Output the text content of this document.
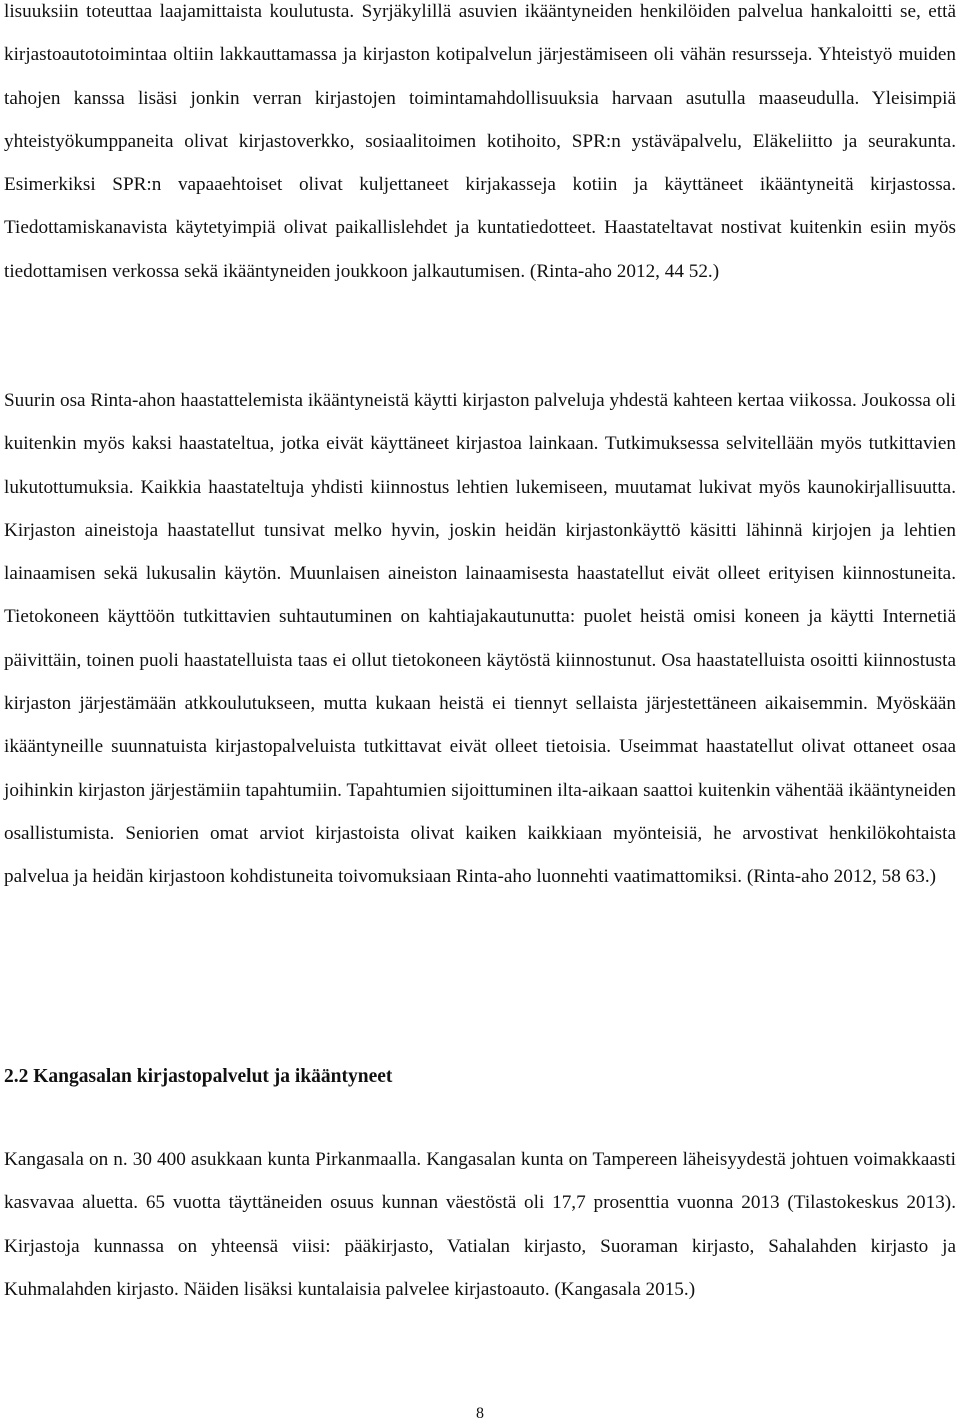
lisuuksiin toteuttaa laajamittaista koulutusta. Syrjäkylillä asuvien ikääntyneiden henkilöiden palvelua hankaloitti se, että kirjastoautotoimintaa oltiin lakkauttamassa ja kirjaston kotipalvelun järjestämiseen oli vähän resursseja. Yhteistyö muiden tahojen kanssa lisäsi jonkin verran kirjastojen toimintamahdollisuuksia harvaan asutulla maaseudulla. Yleisimpiä yhteistyökumppaneita olivat kirjastoverkko, sosiaalitoimen kotihoito, SPR:n ystäväpalvelu, Eläkeliitto ja seurakunta. Esimerkiksi SPR:n vapaaehtoiset olivat kuljettaneet kirjakasseja kotiin ja käyttäneet ikääntyneitä kirjastossa. Tiedottamiskanavista käytetyimpiä olivat paikallislehdet ja kuntatiedotteet. Haastateltavat nostivat kuitenkin esiin myös tiedottamisen verkossa sekä ikääntyneiden joukkoon jalkautumisen. (Rinta-aho 2012, 44 52.)

Suurin osa Rinta-ahon haastattelemista ikääntyneistä käytti kirjaston palveluja yhdestä kahteen kertaa viikossa. Joukossa oli kuitenkin myös kaksi haastateltua, jotka eivät käyttäneet kirjastoa lainkaan. Tutkimuksessa selvitellään myös tutkittavien lukutottumuksia. Kaikkia haastateltuja yhdisti kiinnostus lehtien lukemiseen, muutamat lukivat myös kaunokirjallisuutta. Kirjaston aineistoja haastatellut tunsivat melko hyvin, joskin heidän kirjastonkäyttö käsitti lähinnä kirjojen ja lehtien lainaamisen sekä lukusalin käytön. Muunlaisen aineiston lainaamisesta haastatellut eivät olleet erityisen kiinnostuneita. Tietokoneen käyttöön tutkittavien suhtautuminen on kahtiajakautunutta: puolet heistä omisi koneen ja käytti Internetiä päivittäin, toinen puoli haastatelluista taas ei ollut tietokoneen käytöstä kiinnostunut. Osa haastatelluista osoitti kiinnostusta kirjaston järjestämään atkkoulutukseen, mutta kukaan heistä ei tiennyt sellaista järjestettäneen aikaisemmin. Myöskään ikääntyneille suunnatuista kirjastopalveluista tutkittavat eivät olleet tietoisia. Useimmat haastatellut olivat ottaneet osaa joihinkin kirjaston järjestämiin tapahtumiin. Tapahtumien sijoittuminen ilta-aikaan saattoi kuitenkin vähentää ikääntyneiden osallistumista. Seniorien omat arviot kirjastoista olivat kaiken kaikkiaan myönteisiä, he arvostivat henkilökohtaista palvelua ja heidän kirjastoon kohdistuneita toivomuksiaan Rinta-aho luonnehti vaatimattomiksi. (Rinta-aho 2012, 58 63.)

2.2 Kangasalan kirjastopalvelut ja ikääntyneet

Kangasala on n. 30 400 asukkaan kunta Pirkanmaalla. Kangasalan kunta on Tampereen läheisyydestä johtuen voimakkaasti kasvavaa aluetta. 65 vuotta täyttäneiden osuus kunnan väestöstä oli 17,7 prosenttia vuonna 2013 (Tilastokeskus 2013). Kirjastoja kunnassa on yhteensä viisi: pääkirjasto, Vatialan kirjasto, Suoraman kirjasto, Sahalahden kirjasto ja Kuhmalahden kirjasto. Näiden lisäksi kuntalaisia palvelee kirjastoauto. (Kangasala 2015.)

8
